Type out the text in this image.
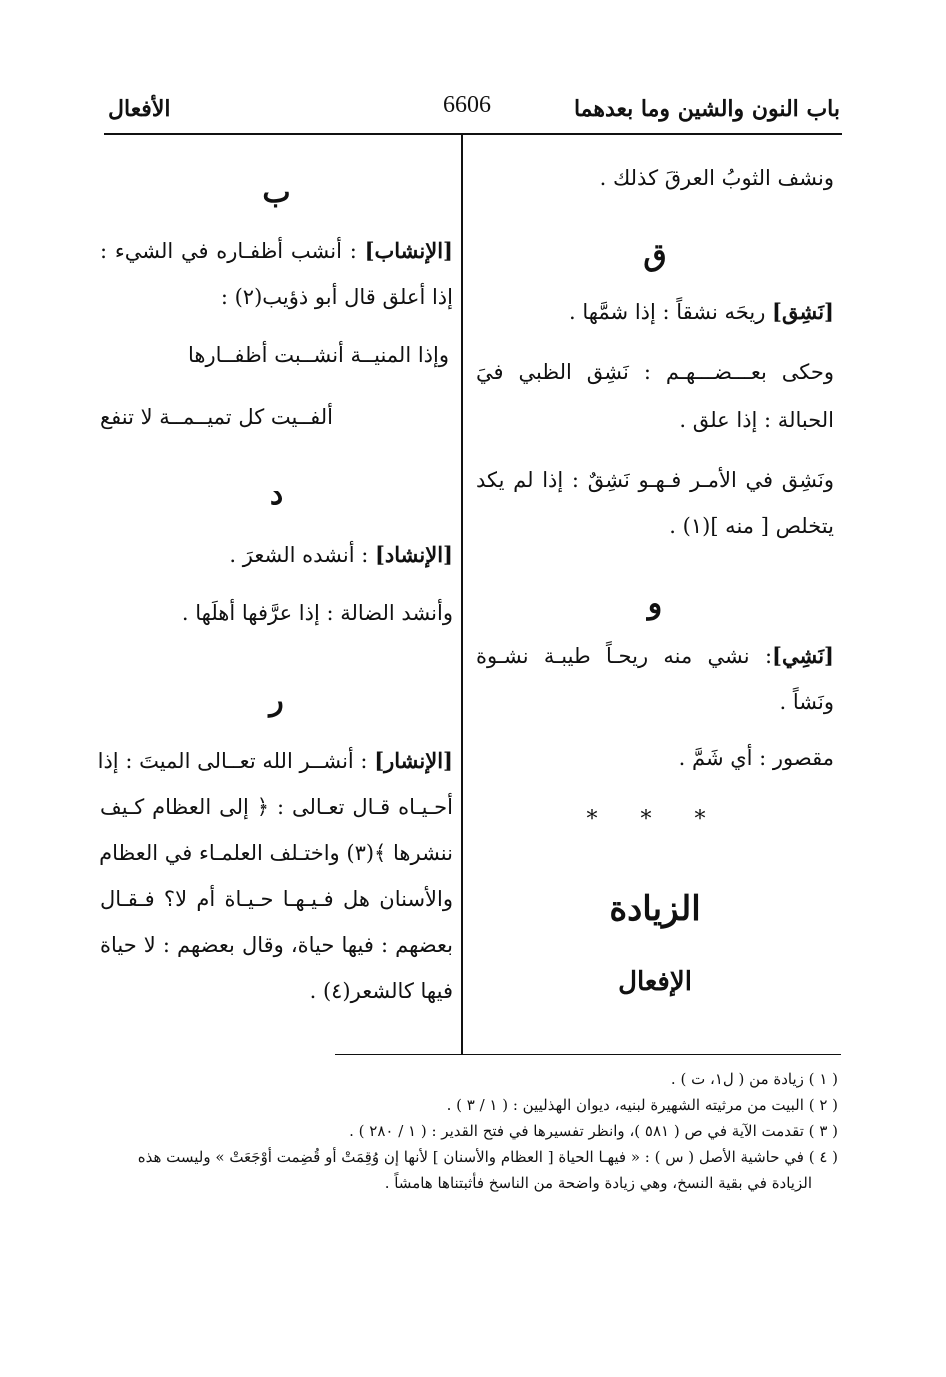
باب النون والشين وما بعدهما
6606
الأفعال
ونشف الثوبُ العرقَ كذلك .
ق
[نَشِق] ريحَه نشقاً : إذا شمَّها .
وحكى بعـــضـــهـم : نَشِق الظبي فيَ
الحبالة : إذا علق .
ونَشِق في الأمـر فـهـو نَشِقٌ : إذا لم يكد
يتخلص [ منه ](١) .
و
[نَشِي]: نشي منه ريحـاً طيبـة نشـوة
ونَشاً .
مقصور : أي شَمَّ .
* * *
الزيادة
الإفعال
ب
[الإنشاب] : أنشب أظفـاره في الشيء :
إذا أعلق قال أبو ذؤيب(٢) :
وإذا المنيــة أنشــبت أظفــارها
ألفــيت كل تميــمــة لا تنفع
د
[الإنشاد] : أنشده الشعرَ .
وأنشد الضالة : إذا عرَّفها أهلَها .
ر
[الإنشار] : أنشــر الله تعــالى الميتَ : إذا
أحـيـاه قـال تعـالى : ﴿ إلى العظام كـيف
ننشرها ﴾(٣) واختـلف العلمـاء في العظام
والأسنان هل فـيـهـا حـيـاة أم لا؟ فـقـال
بعضهم : فيها حياة، وقال بعضهم : لا حياة
فيها كالشعر(٤) .
( ١ ) زيادة من ( ل١، ت ) .
( ٢ ) البيت من مرثيته الشهيرة لبنيه، ديوان الهذليين : ( ١ / ٣ ) .
( ٣ ) تقدمت الآية في ص ( ٥٨١ )، وانظر تفسيرها في فتح القدير : ( ١ / ٢٨٠ ) .
( ٤ ) في حاشية الأصل ( س ) : « فيهـا الحياة [ العظام والأسنان ] لأنها إن وُقِمَتْ أو قُضِمت أوْجَعَتْ » وليست هذه
الزيادة في بقية النسخ، وهي زيادة واضحة من الناسخ فأثبتناها هامشاً .
